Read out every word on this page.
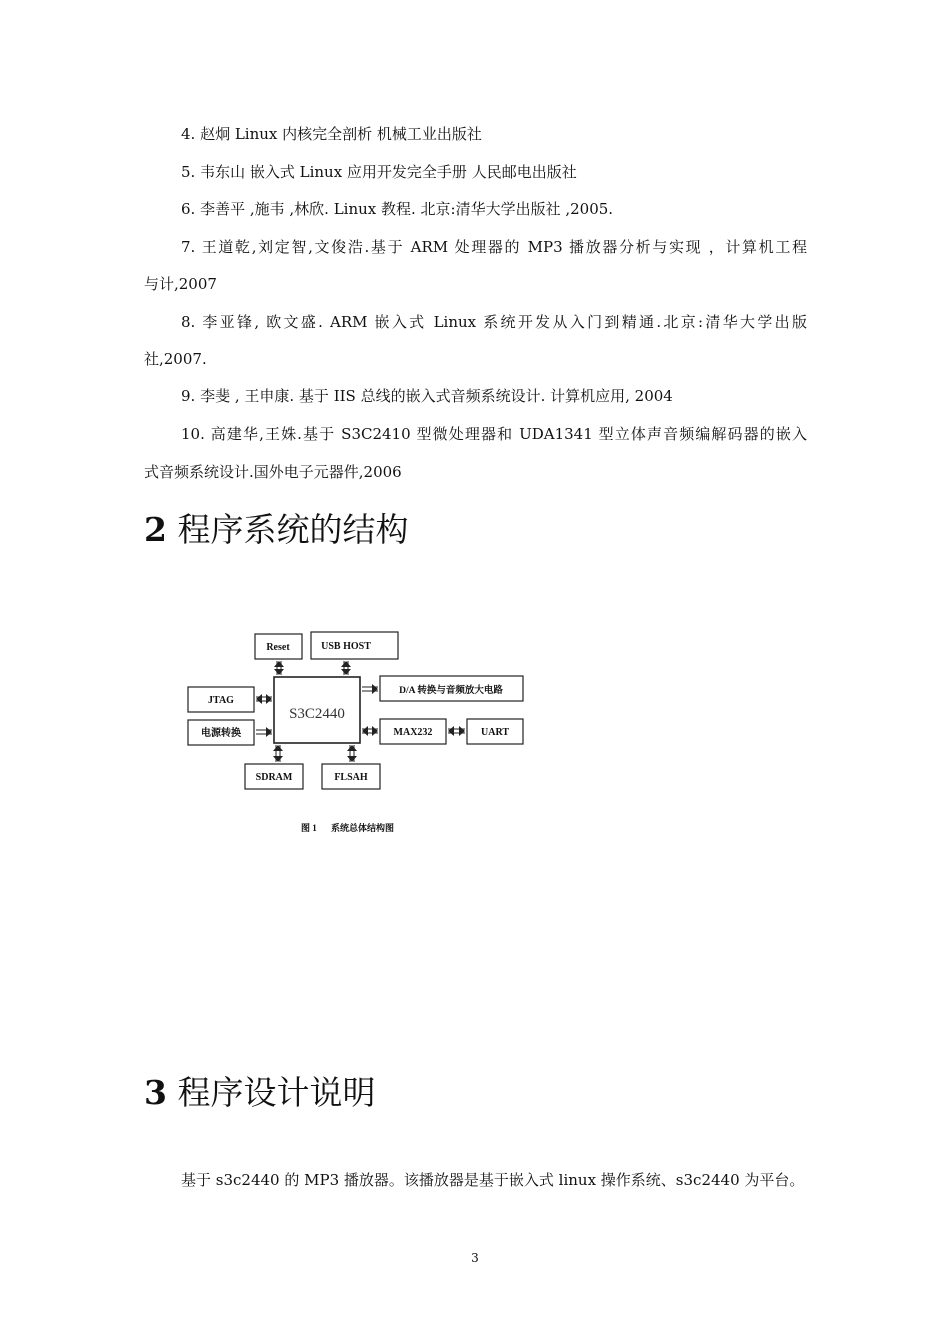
4. 赵炯 Linux 内核完全剖析 机械工业出版社
5. 韦东山 嵌入式 Linux 应用开发完全手册 人民邮电出版社
6. 李善平 ,施韦 ,林欣. Linux 教程. 北京:清华大学出版社 ,2005.
7. 王道乾,刘定智,文俊浩.基于 ARM 处理器的 MP3 播放器分析与实现 ，计算机工程
与计,2007
8. 李亚锋, 欧文盛. ARM 嵌入式 Linux 系统开发从入门到精通.北京:清华大学出版
社,2007.
9. 李斐 , 王申康. 基于 IIS 总线的嵌入式音频系统设计. 计算机应用, 2004
10. 高建华,王姝.基于 S3C2410 型微处理器和 UDA1341 型立体声音频编解码器的嵌入
式音频系统设计.国外电子元器件,2006
2 程序系统的结构
Reset	USB HOST
D/A 转换与音频放大电路
JTAG
电源转换	MAX232	UART
SDRAM	FLSAH
S3C2440
图 1 系统总体结构图
3 程序设计说明
基于 s3c2440 的 MP3 播放器。该播放器是基于嵌入式 linux 操作系统、s3c2440 为平台。
3
